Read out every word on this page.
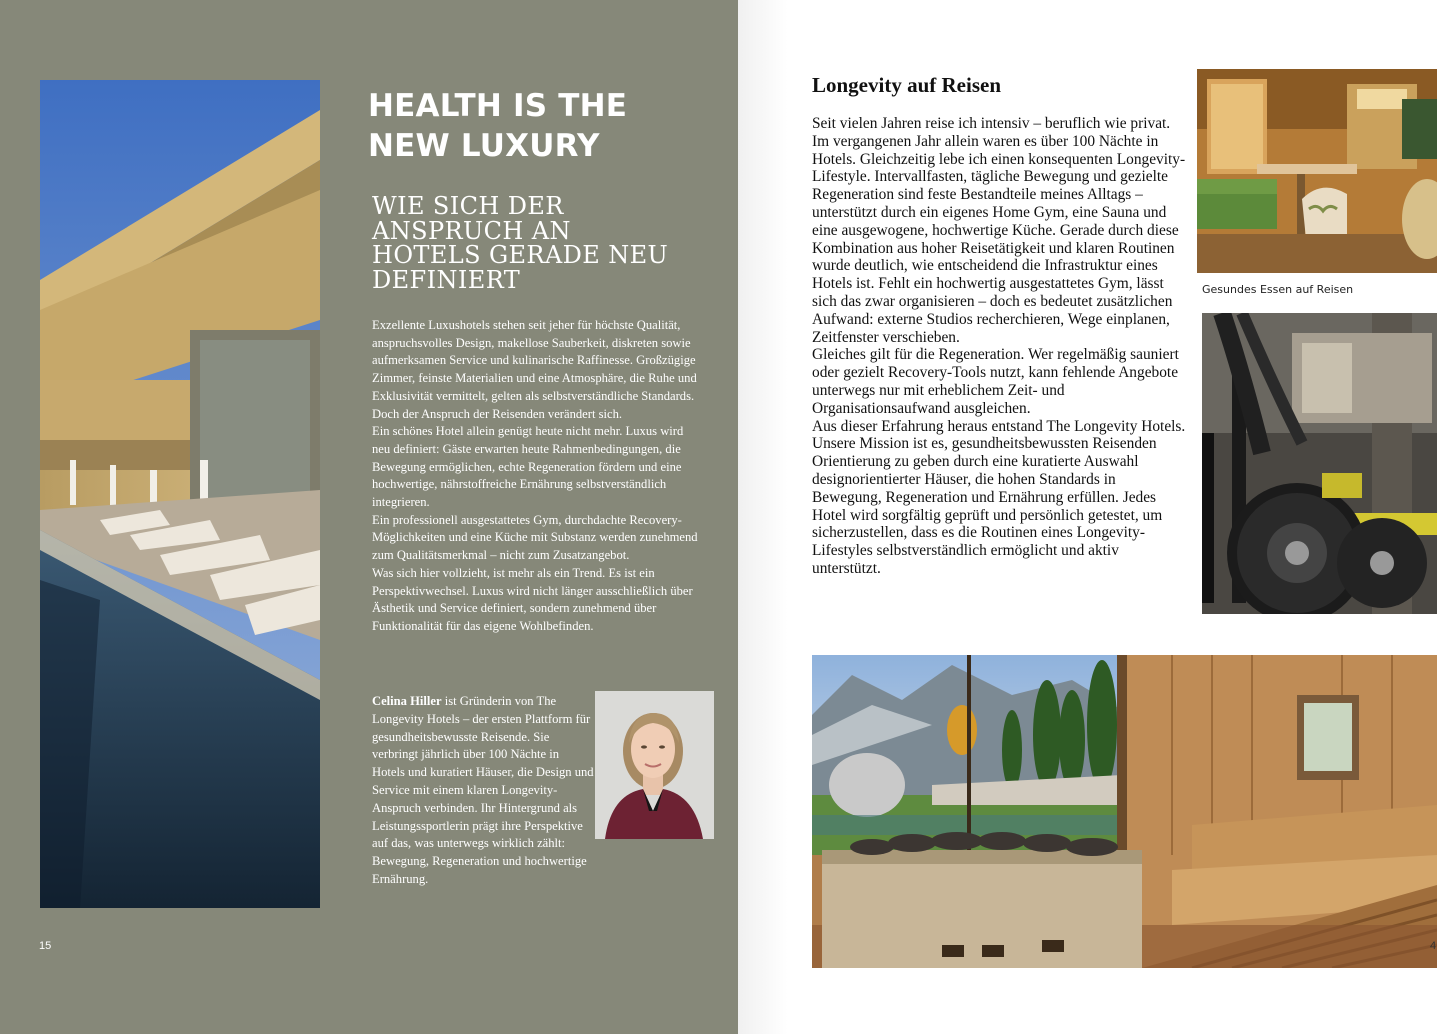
HEALTH IS THE
NEW LUXURY
WIE SICH DER
ANSPRUCH AN
HOTELS GERADE NEU
DEFINIERT

Exzellente Luxushotels stehen seit jeher für höchste Qualität, anspruchsvolles Design, makellose Sauberkeit, diskreten sowie aufmerksamen Service und kulinarische Raffinesse. Großzügige Zimmer, feinste Materialien und eine Atmosphäre, die Ruhe und Exklusivität vermittelt, gelten als selbstverständliche Standards. Doch der Anspruch der Reisenden verändert sich.

Ein schönes Hotel allein genügt heute nicht mehr. Luxus wird neu definiert: Gäste erwarten heute Rahmenbedingungen, die Bewegung ermöglichen, echte Regeneration fördern und eine hochwertige, nährstoffreiche Ernährung selbstverständlich integrieren.

Ein professionell ausgestattetes Gym, durchdachte Recovery-Möglichkeiten und eine Küche mit Substanz werden zunehmend zum Qualitätsmerkmal – nicht zum Zusatzangebot.

Was sich hier vollzieht, ist mehr als ein Trend. Es ist ein Perspektivwechsel. Luxus wird nicht länger ausschließlich über Ästhetik und Service definiert, sondern zunehmend über Funktionalität für das eigene Wohlbefinden.

Celina Hiller ist Gründerin von The Longevity Hotels – der ersten Plattform für gesundheitsbewusste Reisende. Sie verbringt jährlich über 100 Nächte in Hotels und kuratiert Häuser, die Design und Service mit einem klaren Longevity-Anspruch verbinden. Ihr Hintergrund als Leistungssportlerin prägt ihre Perspektive auf das, was unterwegs wirklich zählt: Bewegung, Regeneration und hochwertige Ernährung.
15
Longevity auf Reisen

Seit vielen Jahren reise ich intensiv – beruflich wie privat. Im vergangenen Jahr allein waren es über 100 Nächte in Hotels. Gleichzeitig lebe ich einen konsequenten Longevity-Lifestyle. Intervallfasten, tägliche Bewegung und gezielte Regeneration sind feste Bestandteile meines Alltags – unterstützt durch ein eigenes Home Gym, eine Sauna und eine ausgewogene, hochwertige Küche. Gerade durch diese Kombination aus hoher Reisetätigkeit und klaren Routinen wurde deutlich, wie entscheidend die Infrastruktur eines Hotels ist. Fehlt ein hochwertig ausgestattetes Gym, lässt sich das zwar organisieren – doch es bedeutet zusätzlichen Aufwand: externe Studios recherchieren, Wege einplanen, Zeitfenster verschieben.

Gleiches gilt für die Regeneration. Wer regelmäßig sauniert oder gezielt Recovery-Tools nutzt, kann fehlende Angebote unterwegs nur mit erheblichem Zeit- und Organisationsaufwand ausgleichen.

Aus dieser Erfahrung heraus entstand The Longevity Hotels. Unsere Mission ist es, gesundheitsbewussten Reisenden Orientierung zu geben durch eine kuratierte Auswahl designorientierter Häuser, die hohen Standards in Bewegung, Regeneration und Ernährung erfüllen. Jedes Hotel wird sorgfältig geprüft und persönlich getestet, um sicherzustellen, dass es die Routinen eines Longevity-Lifestyles selbstverständlich ermöglicht und aktiv unterstützt.

Gesundes Essen auf Reisen
4
